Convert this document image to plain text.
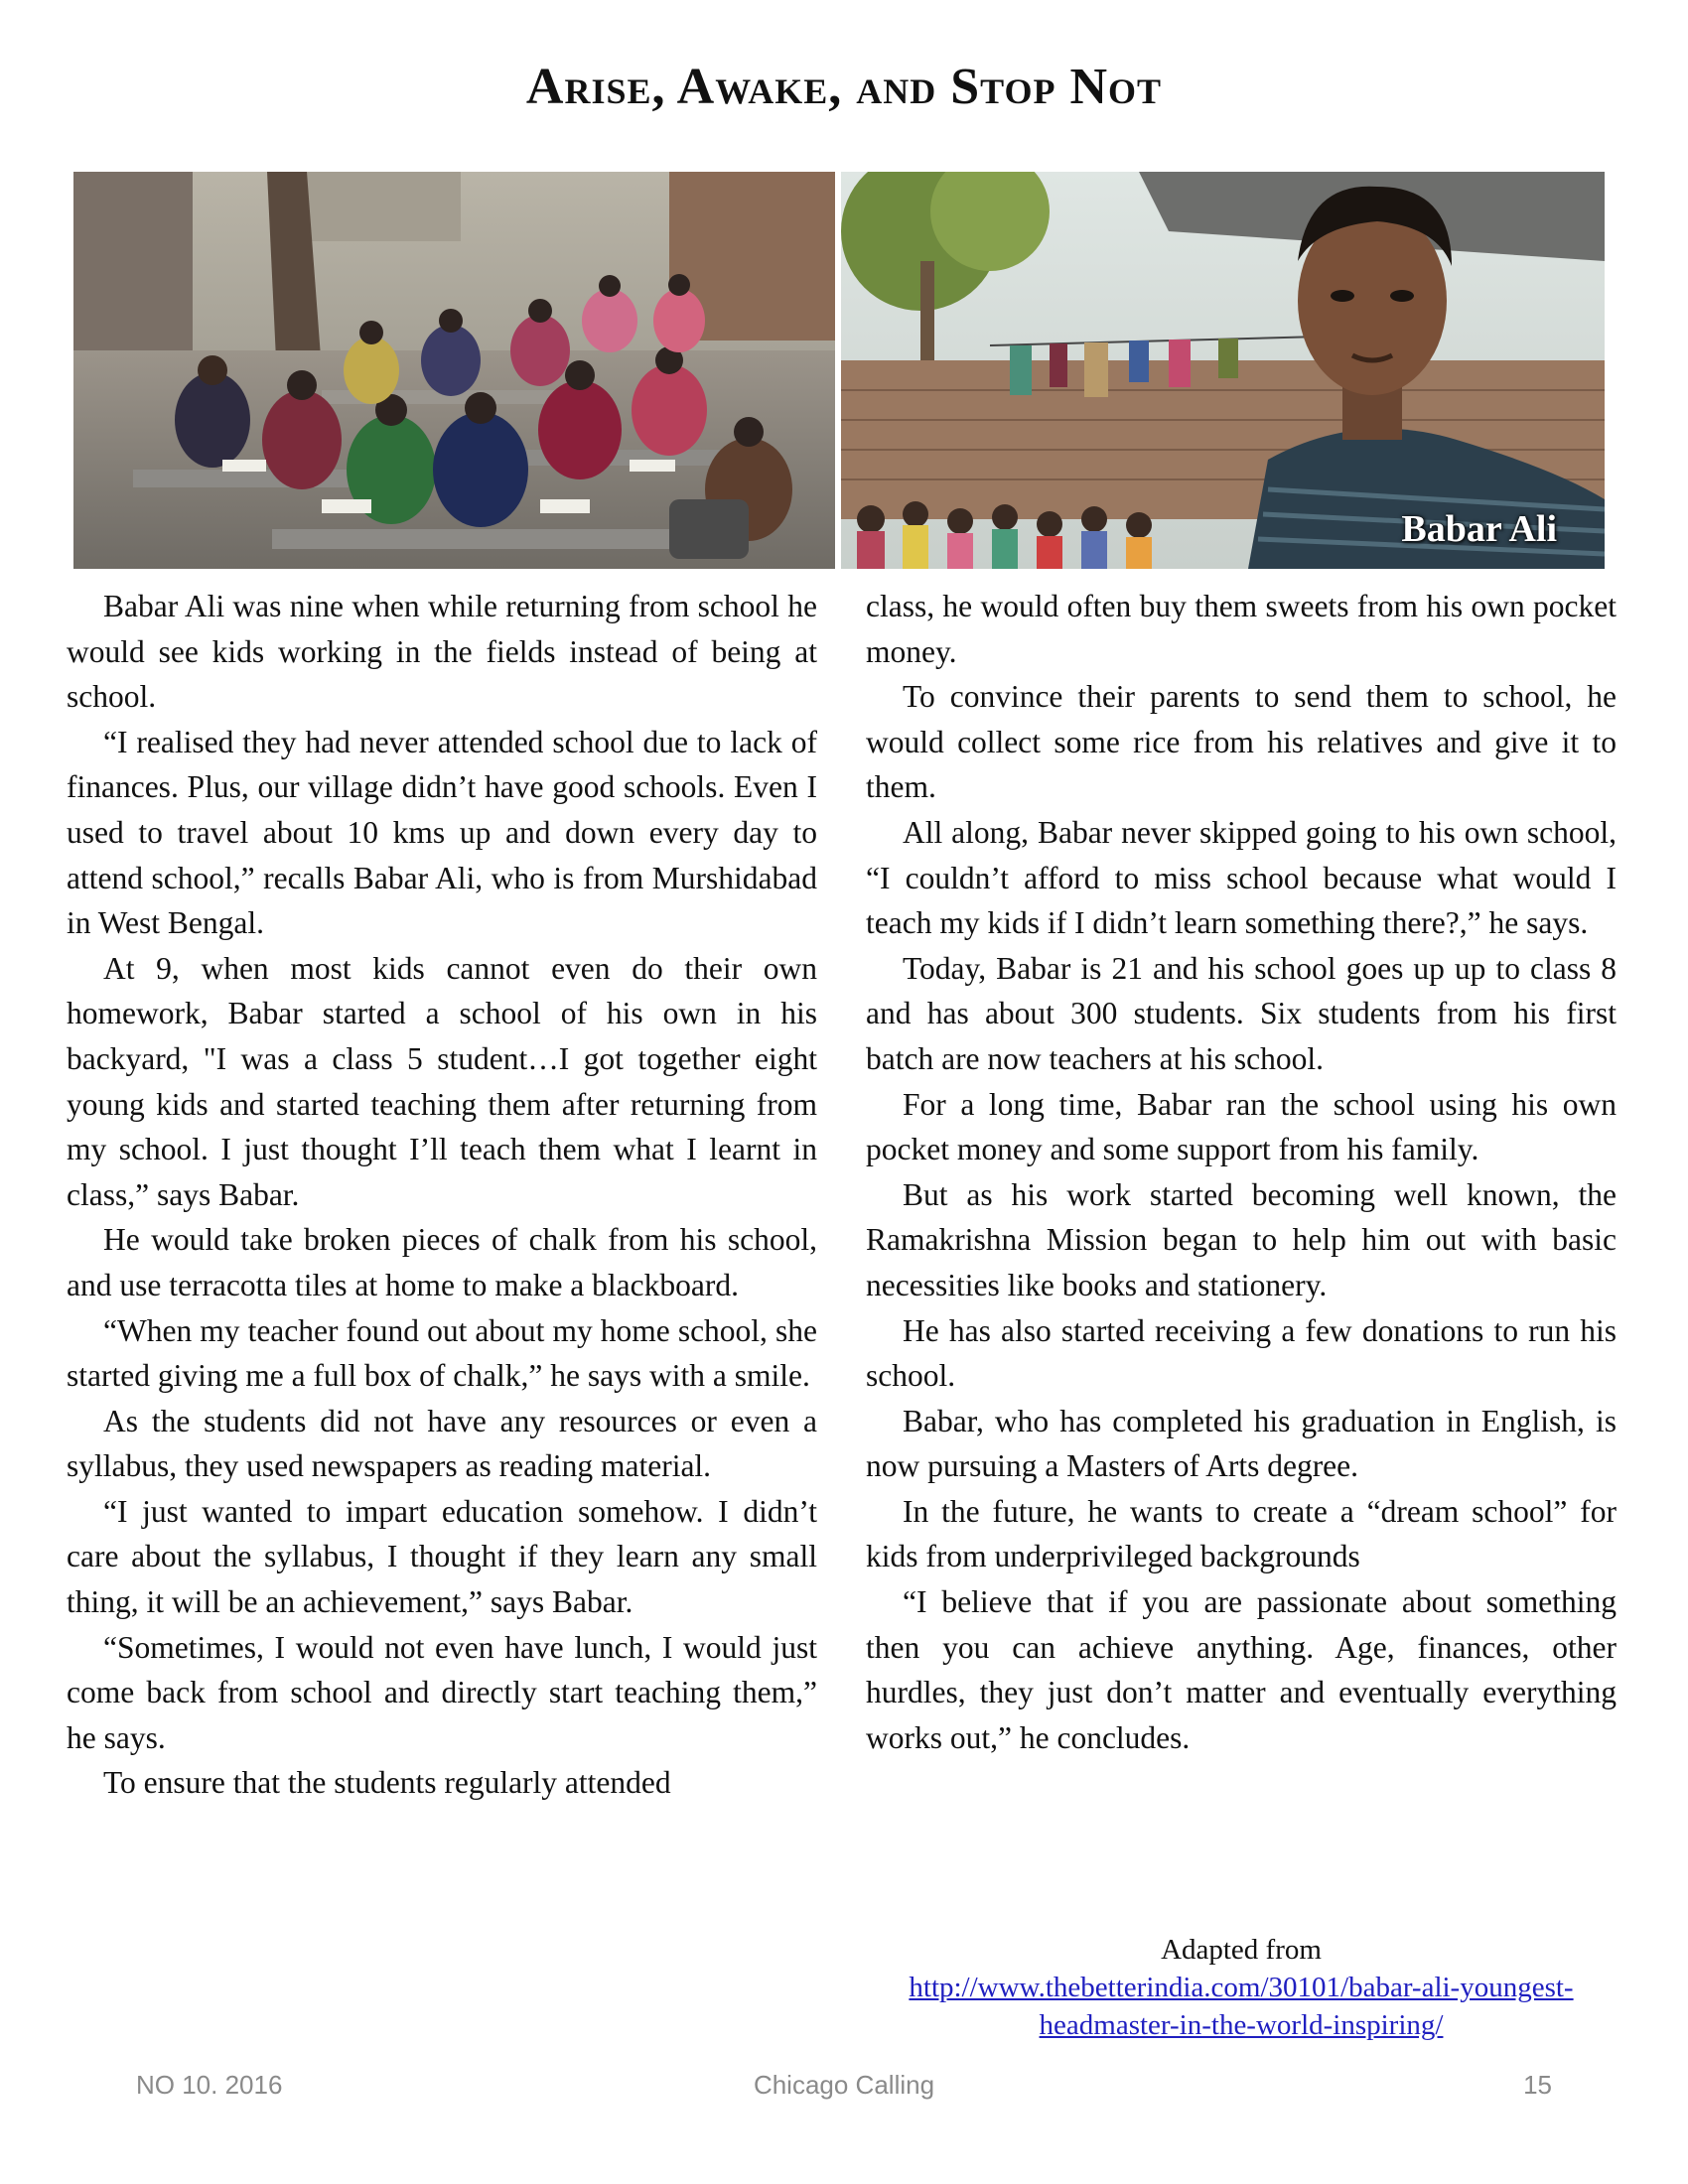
Arise, Awake, and Stop Not
Babar Ali

Babar Ali was nine when while returning from school he would see kids working in the fields instead of being at school.

“I realised they had never attended school due to lack of finances. Plus, our village didn’t have good schools. Even I used to travel about 10 kms up and down every day to attend school,” recalls Babar Ali, who is from Murshidabad in West Bengal.

At 9, when most kids cannot even do their own homework, Babar started a school of his own in his backyard, "I was a class 5 student…I got together eight young kids and started teaching them after returning from my school. I just thought I’ll teach them what I learnt in class,” says Babar.

He would take broken pieces of chalk from his school, and use terracotta tiles at home to make a blackboard.

“When my teacher found out about my home school, she started giving me a full box of chalk,” he says with a smile.

As the students did not have any resources or even a syllabus, they used newspapers as reading material.

“I just wanted to impart education somehow. I didn’t care about the syllabus, I thought if they learn any small thing, it will be an achievement,” says Babar.

“Sometimes, I would not even have lunch, I would just come back from school and directly start teaching them,” he says.

To ensure that the students regularly attended

class, he would often buy them sweets from his own pocket money.

To convince their parents to send them to school, he would collect some rice from his relatives and give it to them.

All along, Babar never skipped going to his own school, “I couldn’t afford to miss school because what would I teach my kids if I didn’t learn something there?,” he says.

Today, Babar is 21 and his school goes up up to class 8 and has about 300 students. Six students from his first batch are now teachers at his school.

For a long time, Babar ran the school using his own pocket money and some support from his family.

But as his work started becoming well known, the Ramakrishna Mission began to help him out with basic necessities like books and stationery.

He has also started receiving a few donations to run his school.

Babar, who has completed his graduation in English, is now pursuing a Masters of Arts degree.

In the future, he wants to create a “dream school” for kids from underprivileged backgrounds

“I believe that if you are passionate about something then you can achieve anything. Age, finances, other hurdles, they just don’t matter and eventually everything works out,” he concludes.

Adapted from
http://www.thebetterindia.com/30101/babar-ali-youngest-headmaster-in-the-world-inspiring/
NO 10. 2016	Chicago Calling	15
